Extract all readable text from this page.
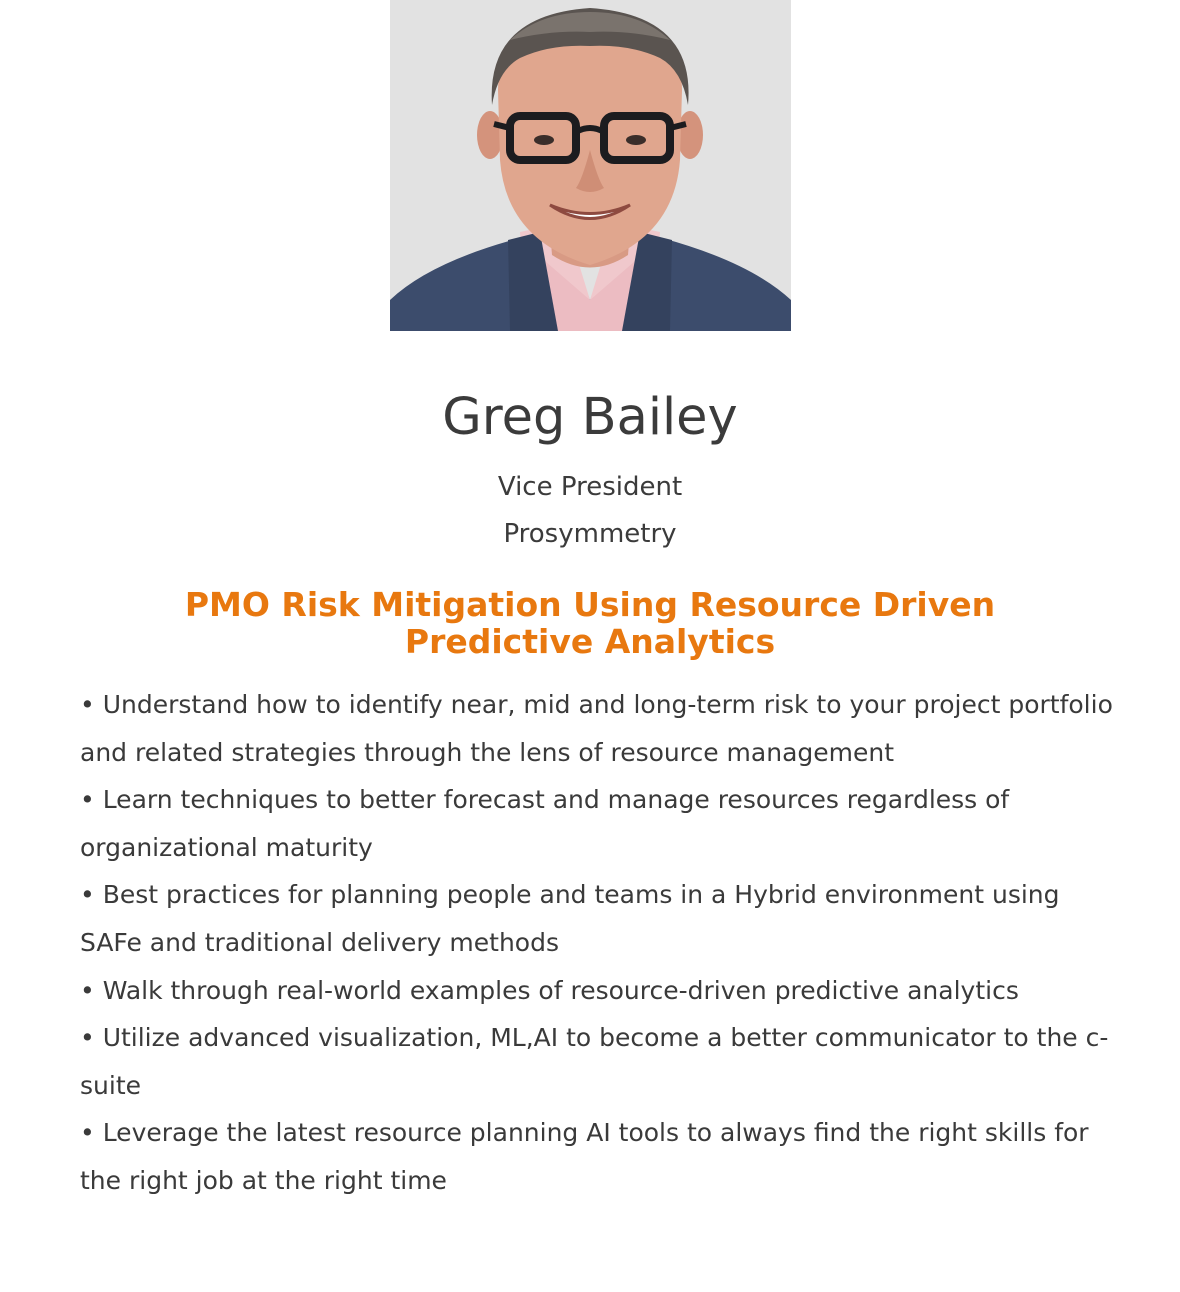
Greg Bailey
Vice President
Prosymmetry
PMO Risk Mitigation Using Resource Driven Predictive Analytics
• Understand how to identify near, mid and long-term risk to your project portfolio and related strategies through the lens of resource management
• Learn techniques to better forecast and manage resources regardless of organizational maturity
• Best practices for planning people and teams in a Hybrid environment using SAFe and traditional delivery methods
• Walk through real-world examples of resource-driven predictive analytics
• Utilize advanced visualization, ML,AI to become a better communicator to the c-suite
• Leverage the latest resource planning AI tools to always find the right skills for the right job at the right time
